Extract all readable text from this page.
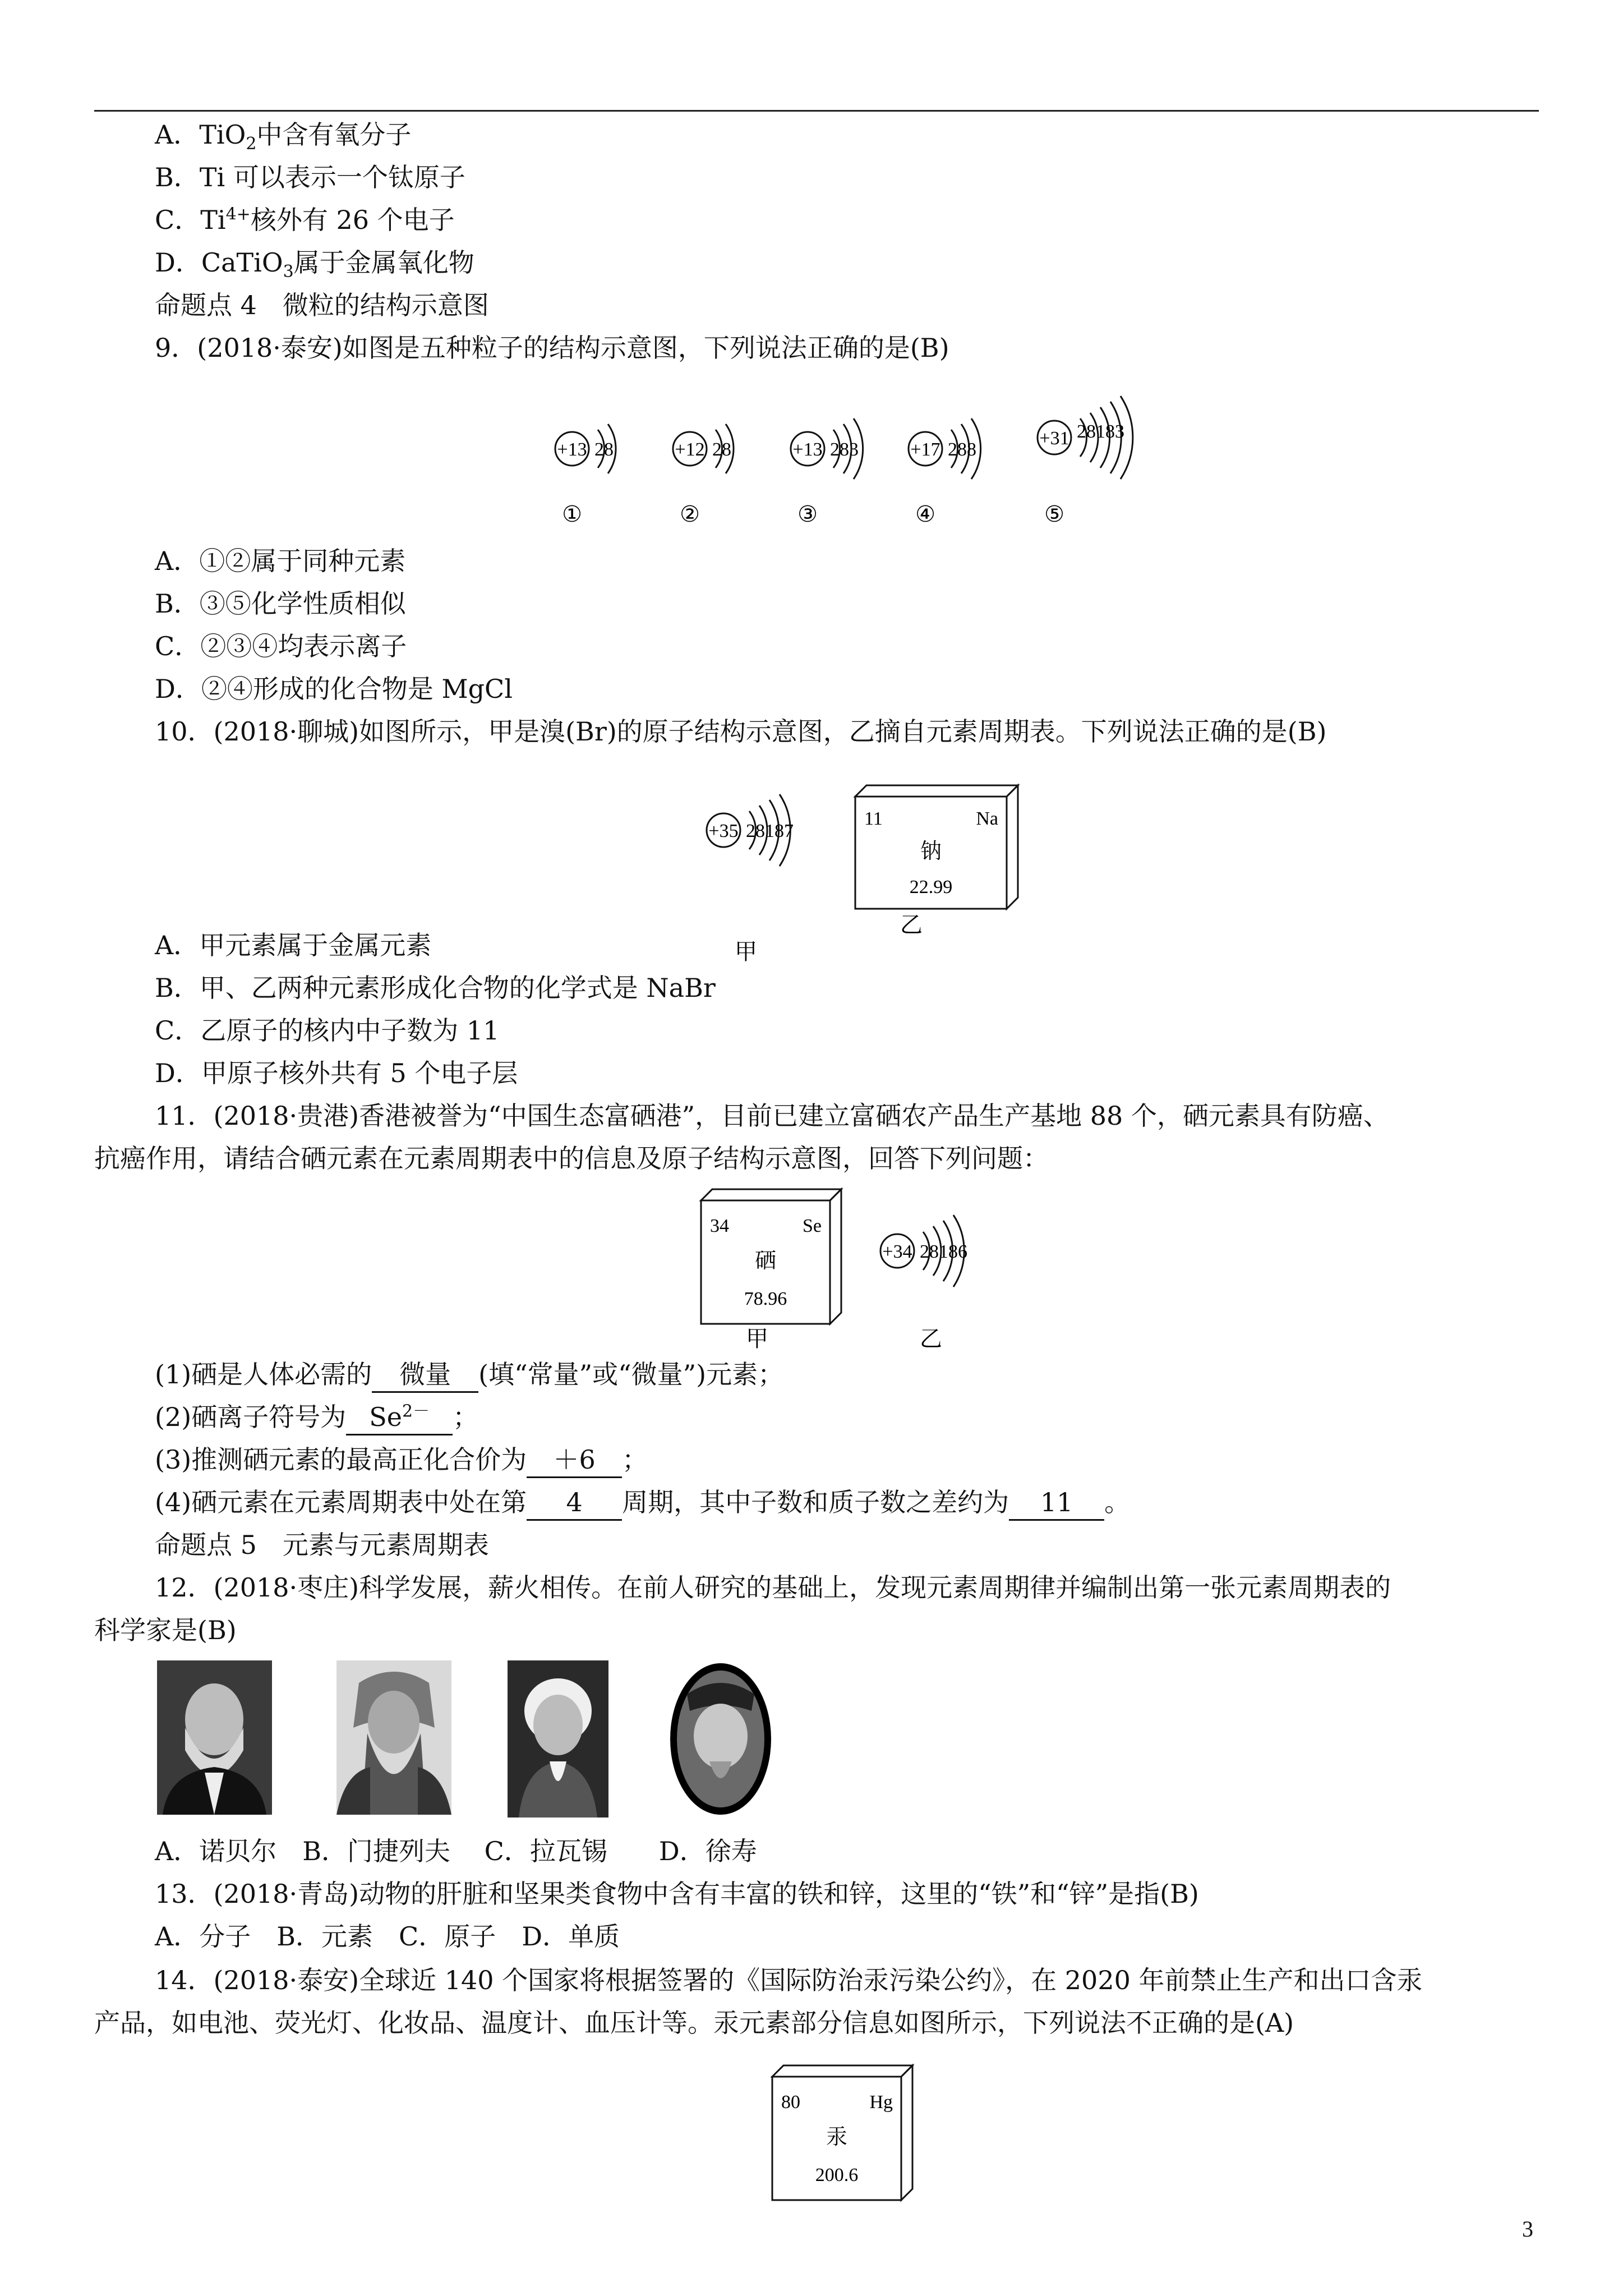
A．TiO$_2$中含有氧分子
B．Ti 可以表示一个钛原子
C．$Ti^{4+}$核外有 26 个电子
D．CaTiO$_3$属于金属氧化物
命题点 4　微粒的结构示意图
9．(2018·泰安)如图是五种粒子的结构示意图，下列说法正确的是(B)
+13 28
①
+12 28
②
+13 283
③
+17 288
④
+31 28183
⑤
A．①②属于同种元素
B．③⑤化学性质相似
C．②③④均表示离子
D．②④形成的化合物是 MgCl
10．(2018·聊城)如图所示，甲是溴(Br)的原子结构示意图，乙摘自元素周期表。下列说法正确的是(B)
+35 28187
甲
11	Na
钠
22.99
乙
A．甲元素属于金属元素
B．甲、乙两种元素形成化合物的化学式是 NaBr
C．乙原子的核内中子数为 11
D．甲原子核外共有 5 个电子层
11．(2018·贵港)香港被誉为“中国生态富硒港”，目前已建立富硒农产品生产基地 88 个，硒元素具有防癌、
抗癌作用，请结合硒元素在元素周期表中的信息及原子结构示意图，回答下列问题：
34	Se
硒
78.96
甲
+34 28186
乙
(1)硒是人体必需的 微量 (填“常量”或“微量”)元素；
(2)硒离子符号为 $Se^{2-}$ ；
(3)推测硒元素的最高正化合价为 ＋6 ；
(4)硒元素在元素周期表中处在第 4 周期，其中子数和质子数之差约为 11 。
命题点 5　元素与元素周期表
12．(2018·枣庄)科学发展，薪火相传。在前人研究的基础上，发现元素周期律并编制出第一张元素周期表的
科学家是(B)
A．诺贝尔　B．门捷列夫　 C．拉瓦锡　　D．徐寿
13．(2018·青岛)动物的肝脏和坚果类食物中含有丰富的铁和锌，这里的“铁”和“锌”是指(B)
A．分子　B．元素　C．原子　D．单质
14．(2018·泰安)全球近 140 个国家将根据签署的《国际防治汞污染公约》，在 2020 年前禁止生产和出口含汞
产品，如电池、荧光灯、化妆品、温度计、血压计等。汞元素部分信息如图所示，下列说法不正确的是(A)
80	Hg
汞
200.6
3
